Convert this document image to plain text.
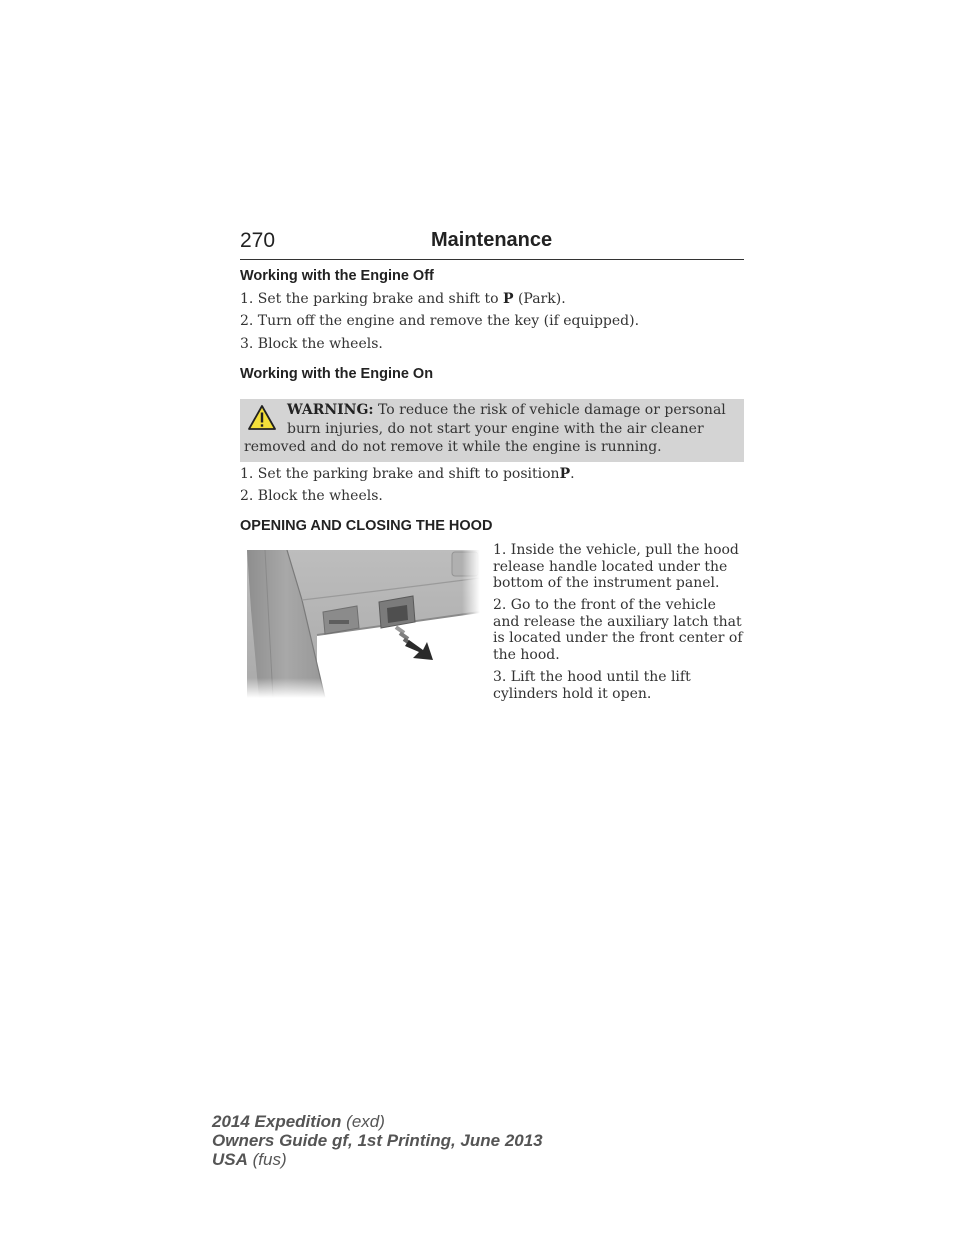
270	Maintenance
Working with the Engine Off
1. Set the parking brake and shift to P (Park).
2. Turn off the engine and remove the key (if equipped).
3. Block the wheels.
Working with the Engine On
WARNING: To reduce the risk of vehicle damage or personal
burn injuries, do not start your engine with the air cleaner
removed and do not remove it while the engine is running.
1. Set the parking brake and shift to positionP.
2. Block the wheels.
OPENING AND CLOSING THE HOOD
1. Inside the vehicle, pull the hood release handle located under the bottom of the instrument panel.
2. Go to the front of the vehicle and release the auxiliary latch that is located under the front center of the hood.
3. Lift the hood until the lift cylinders hold it open.
2014 Expedition (exd)
Owners Guide gf, 1st Printing, June 2013
USA (fus)
